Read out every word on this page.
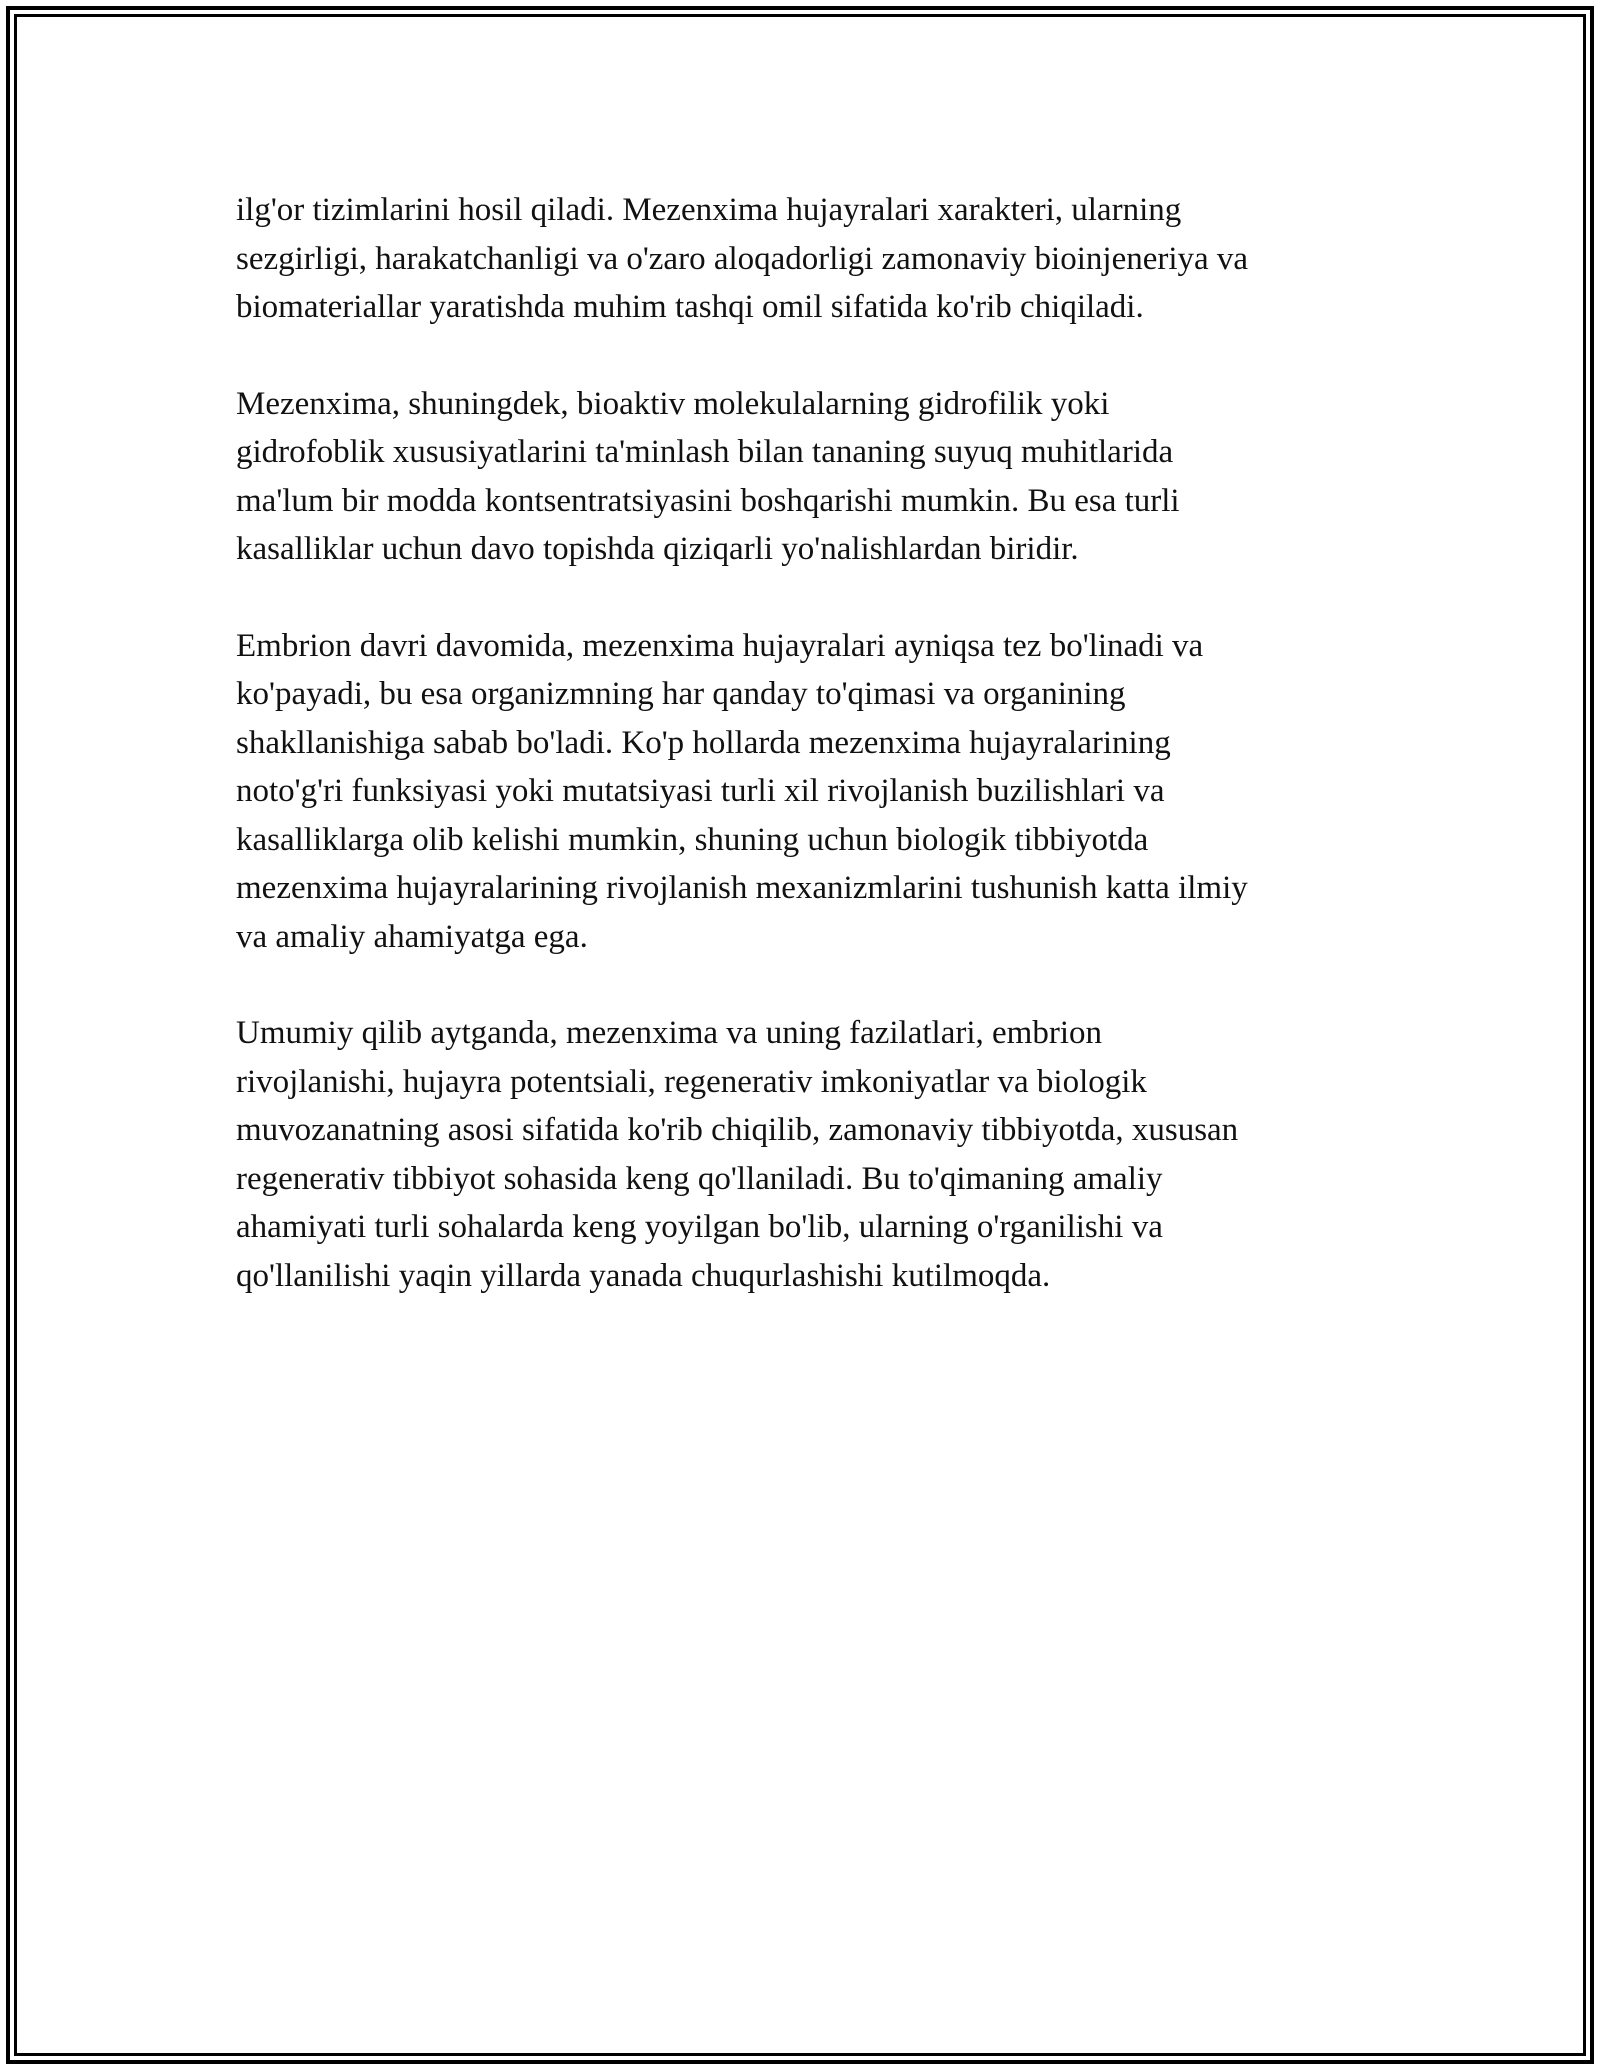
ilg'or tizimlarini hosil qiladi. Mezenxima hujayralari xarakteri, ularning
sezgirligi, harakatchanligi va o'zaro aloqadorligi zamonaviy bioinjeneriya va
biomateriallar yaratishda muhim tashqi omil sifatida ko'rib chiqiladi.

Mezenxima, shuningdek, bioaktiv molekulalarning gidrofilik yoki
gidrofoblik xususiyatlarini ta'minlash bilan tananing suyuq muhitlarida
ma'lum bir modda kontsentratsiyasini boshqarishi mumkin. Bu esa turli
kasalliklar uchun davo topishda qiziqarli yo'nalishlardan biridir.

Embrion davri davomida, mezenxima hujayralari ayniqsa tez bo'linadi va
ko'payadi, bu esa organizmning har qanday to'qimasi va organining
shakllanishiga sabab bo'ladi. Ko'p hollarda mezenxima hujayralarining
noto'g'ri funksiyasi yoki mutatsiyasi turli xil rivojlanish buzilishlari va
kasalliklarga olib kelishi mumkin, shuning uchun biologik tibbiyotda
mezenxima hujayralarining rivojlanish mexanizmlarini tushunish katta ilmiy
va amaliy ahamiyatga ega.

Umumiy qilib aytganda, mezenxima va uning fazilatlari, embrion
rivojlanishi, hujayra potentsiali, regenerativ imkoniyatlar va biologik
muvozanatning asosi sifatida ko'rib chiqilib, zamonaviy tibbiyotda, xususan
regenerativ tibbiyot sohasida keng qo'llaniladi. Bu to'qimaning amaliy
ahamiyati turli sohalarda keng yoyilgan bo'lib, ularning o'rganilishi va
qo'llanilishi yaqin yillarda yanada chuqurlashishi kutilmoqda.
